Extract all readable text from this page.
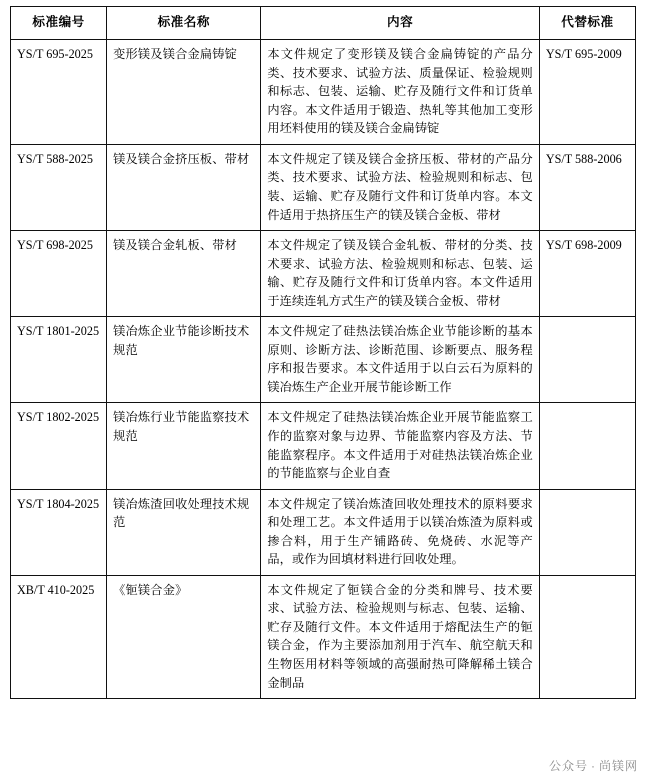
标准编号	标准名称	内容	代替标准
YS/T 695-2025	变形镁及镁合金扁铸锭	本文件规定了变形镁及镁合金扁铸锭的产品分类、技术要求、试验方法、质量保证、检验规则和标志、包装、运输、贮存及随行文件和订货单内容。本文件适用于锻造、热轧等其他加工变形用坯料使用的镁及镁合金扁铸锭	YS/T 695-2009
YS/T 588-2025	镁及镁合金挤压板、带材	本文件规定了镁及镁合金挤压板、带材的产品分类、技术要求、试验方法、检验规则和标志、包装、运输、贮存及随行文件和订货单内容。本文件适用于热挤压生产的镁及镁合金板、带材	YS/T 588-2006
YS/T 698-2025	镁及镁合金轧板、带材	本文件规定了镁及镁合金轧板、带材的分类、技术要求、试验方法、检验规则和标志、包装、运输、贮存及随行文件和订货单内容。本文件适用于连续连轧方式生产的镁及镁合金板、带材	YS/T 698-2009
YS/T 1801-2025	镁冶炼企业节能诊断技术规范	本文件规定了硅热法镁冶炼企业节能诊断的基本原则、诊断方法、诊断范围、诊断要点、服务程序和报告要求。本文件适用于以白云石为原料的镁冶炼生产企业开展节能诊断工作	
YS/T 1802-2025	镁冶炼行业节能监察技术规范	本文件规定了硅热法镁冶炼企业开展节能监察工作的监察对象与边界、节能监察内容及方法、节能监察程序。本文件适用于对硅热法镁冶炼企业的节能监察与企业自查	
YS/T 1804-2025	镁冶炼渣回收处理技术规范	本文件规定了镁冶炼渣回收处理技术的原料要求和处理工艺。本文件适用于以镁冶炼渣为原料或掺合料，用于生产铺路砖、免烧砖、水泥等产品，或作为回填材料进行回收处理。	
XB/T 410-2025	《钷镁合金》	本文件规定了钷镁合金的分类和牌号、技术要求、试验方法、检验规则与标志、包装、运输、贮存及随行文件。本文件适用于熔配法生产的钷镁合金，作为主要添加剂用于汽车、航空航天和生物医用材料等领域的高强耐热可降解稀土镁合金制品	
公众号 · 尚镁网
